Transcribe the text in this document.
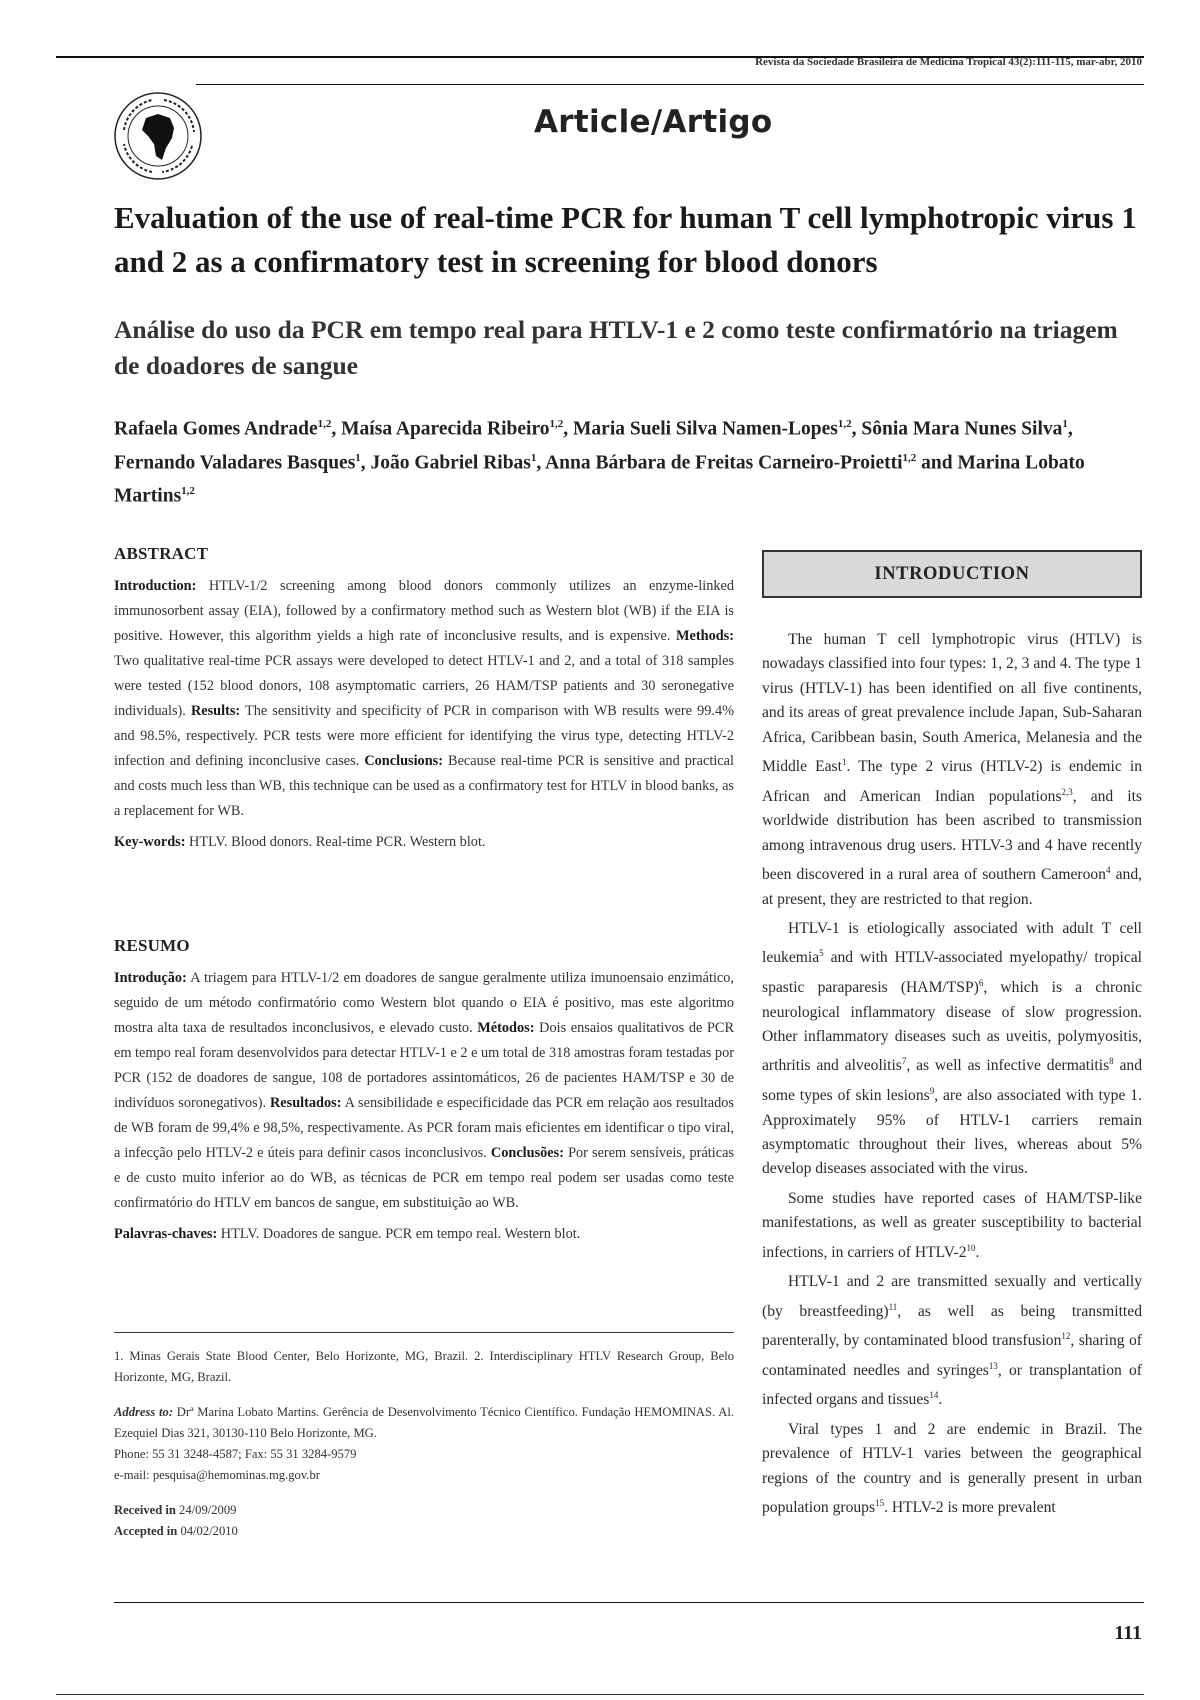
Revista da Sociedade Brasileira de Medicina Tropical 43(2):111-115, mar-abr, 2010
Article/Artigo
Evaluation of the use of real-time PCR for human T cell lymphotropic virus 1 and 2 as a confirmatory test in screening for blood donors
Análise do uso da PCR em tempo real para HTLV-1 e 2 como teste confirmatório na triagem de doadores de sangue

Rafaela Gomes Andrade$^{1,2}$, Maísa Aparecida Ribeiro$^{1,2}$, Maria Sueli Silva Namen-Lopes$^{1,2}$, Sônia Mara Nunes Silva$^1$, Fernando Valadares Basques$^1$, João Gabriel Ribas$^1$, Anna Bárbara de Freitas Carneiro-Proietti$^{1,2}$ and Marina Lobato Martins$^{1,2}$

ABSTRACT

Introduction: HTLV-1/2 screening among blood donors commonly utilizes an enzyme-linked immunosorbent assay (EIA), followed by a confirmatory method such as Western blot (WB) if the EIA is positive. However, this algorithm yields a high rate of inconclusive results, and is expensive. Methods: Two qualitative real-time PCR assays were developed to detect HTLV-1 and 2, and a total of 318 samples were tested (152 blood donors, 108 asymptomatic carriers, 26 HAM/TSP patients and 30 seronegative individuals). Results: The sensitivity and specificity of PCR in comparison with WB results were 99.4% and 98.5%, respectively. PCR tests were more efficient for identifying the virus type, detecting HTLV-2 infection and defining inconclusive cases. Conclusions: Because real-time PCR is sensitive and practical and costs much less than WB, this technique can be used as a confirmatory test for HTLV in blood banks, as a replacement for WB.

Key-words: HTLV. Blood donors. Real-time PCR. Western blot.

RESUMO

Introdução: A triagem para HTLV-1/2 em doadores de sangue geralmente utiliza imunoensaio enzimático, seguido de um método confirmatório como Western blot quando o EIA é positivo, mas este algoritmo mostra alta taxa de resultados inconclusivos, e elevado custo. Métodos: Dois ensaios qualitativos de PCR em tempo real foram desenvolvidos para detectar HTLV-1 e 2 e um total de 318 amostras foram testadas por PCR (152 de doadores de sangue, 108 de portadores assintomáticos, 26 de pacientes HAM/TSP e 30 de indivíduos soronegativos). Resultados: A sensibilidade e especificidade das PCR em relação aos resultados de WB foram de 99,4% e 98,5%, respectivamente. As PCR foram mais eficientes em identificar o tipo viral, a infecção pelo HTLV-2 e úteis para definir casos inconclusivos. Conclusões: Por serem sensíveis, práticas e de custo muito inferior ao do WB, as técnicas de PCR em tempo real podem ser usadas como teste confirmatório do HTLV em bancos de sangue, em substituição ao WB.

Palavras-chaves: HTLV. Doadores de sangue. PCR em tempo real. Western blot.

1. Minas Gerais State Blood Center, Belo Horizonte, MG, Brazil. 2. Interdisciplinary HTLV Research Group, Belo Horizonte, MG, Brazil.

Address to: Drª Marina Lobato Martins. Gerência de Desenvolvimento Técnico Científico. Fundação HEMOMINAS. Al. Ezequiel Dias 321, 30130-110 Belo Horizonte, MG.

Phone: 55 31 3248-4587; Fax: 55 31 3284-9579

e-mail: pesquisa@hemominas.mg.gov.br

Received in 24/09/2009

Accepted in 04/02/2010

INTRODUCTION

The human T cell lymphotropic virus (HTLV) is nowadays classified into four types: 1, 2, 3 and 4. The type 1 virus (HTLV-1) has been identified on all five continents, and its areas of great prevalence include Japan, Sub-Saharan Africa, Caribbean basin, South America, Melanesia and the Middle East$^1$. The type 2 virus (HTLV-2) is endemic in African and American Indian populations$^{2,3}$, and its worldwide distribution has been ascribed to transmission among intravenous drug users. HTLV-3 and 4 have recently been discovered in a rural area of southern Cameroon$^4$ and, at present, they are restricted to that region.

HTLV-1 is etiologically associated with adult T cell leukemia$^5$ and with HTLV-associated myelopathy/ tropical spastic paraparesis $(HAM/TSP)^6$, which is a chronic neurological inflammatory disease of slow progression. Other inflammatory diseases such as uveitis, polymyositis, arthritis and alveolitis$^7$, as well as infective dermatitis$^8$ and some types of skin lesions$^9$, are also associated with type 1. Approximately 95% of HTLV-1 carriers remain asymptomatic throughout their lives, whereas about 5% develop diseases associated with the virus.

Some studies have reported cases of HAM/TSP-like manifestations, as well as greater susceptibility to bacterial infections, in carriers of HTLV-$2^{10}$.

HTLV-1 and 2 are transmitted sexually and vertically (by breastfeeding)$^{11}$, as well as being transmitted parenterally, by contaminated blood transfusion$^{12}$, sharing of contaminated needles and syringes$^{13}$, or transplantation of infected organs and tissues$^{14}$.

Viral types 1 and 2 are endemic in Brazil. The prevalence of HTLV-1 varies between the geographical regions of the country and is generally present in urban population groups$^{15}$. HTLV-2 is more prevalent

111
